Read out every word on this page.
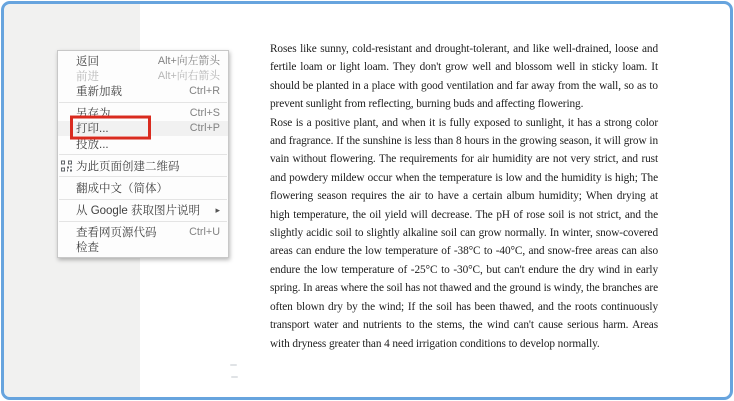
Roses like sunny, cold-resistant and drought-tolerant, and like well-drained, loose and fertile loam or light loam. They don't grow well and blossom well in sticky loam. It should be planted in a place with good ventilation and far away from the wall, so as to prevent sunlight from reflecting, burning buds and affecting flowering.

Rose is a positive plant, and when it is fully exposed to sunlight, it has a strong color and fragrance. If the sunshine is less than 8 hours in the growing season, it will grow in vain without flowering. The requirements for air humidity are not very strict, and rust and powdery mildew occur when the temperature is low and the humidity is high; The flowering season requires the air to have a certain album humidity; When drying at high temperature, the oil yield will decrease. The pH of rose soil is not strict, and the slightly acidic soil to slightly alkaline soil can grow normally. In winter, snow-covered areas can endure the low temperature of -38°C to -40°C, and snow-free areas can also endure the low temperature of -25°C to -30°C, but can't endure the dry wind in early spring. In areas where the soil has not thawed and the ground is windy, the branches are often blown dry by the wind; If the soil has been thawed, and the roots continuously transport water and nutrients to the stems, the wind can't cause serious harm. Areas with dryness greater than 4 need irrigation conditions to develop normally.

返回	Alt+向左箭头
前进	Alt+向右箭头
重新加载	Ctrl+R
另存为...	Ctrl+S
打印...	Ctrl+P
投放...
为此页面创建二维码
翻成中文（简体）
从 Google 获取图片说明 ▸
查看网页源代码	Ctrl+U
检查
